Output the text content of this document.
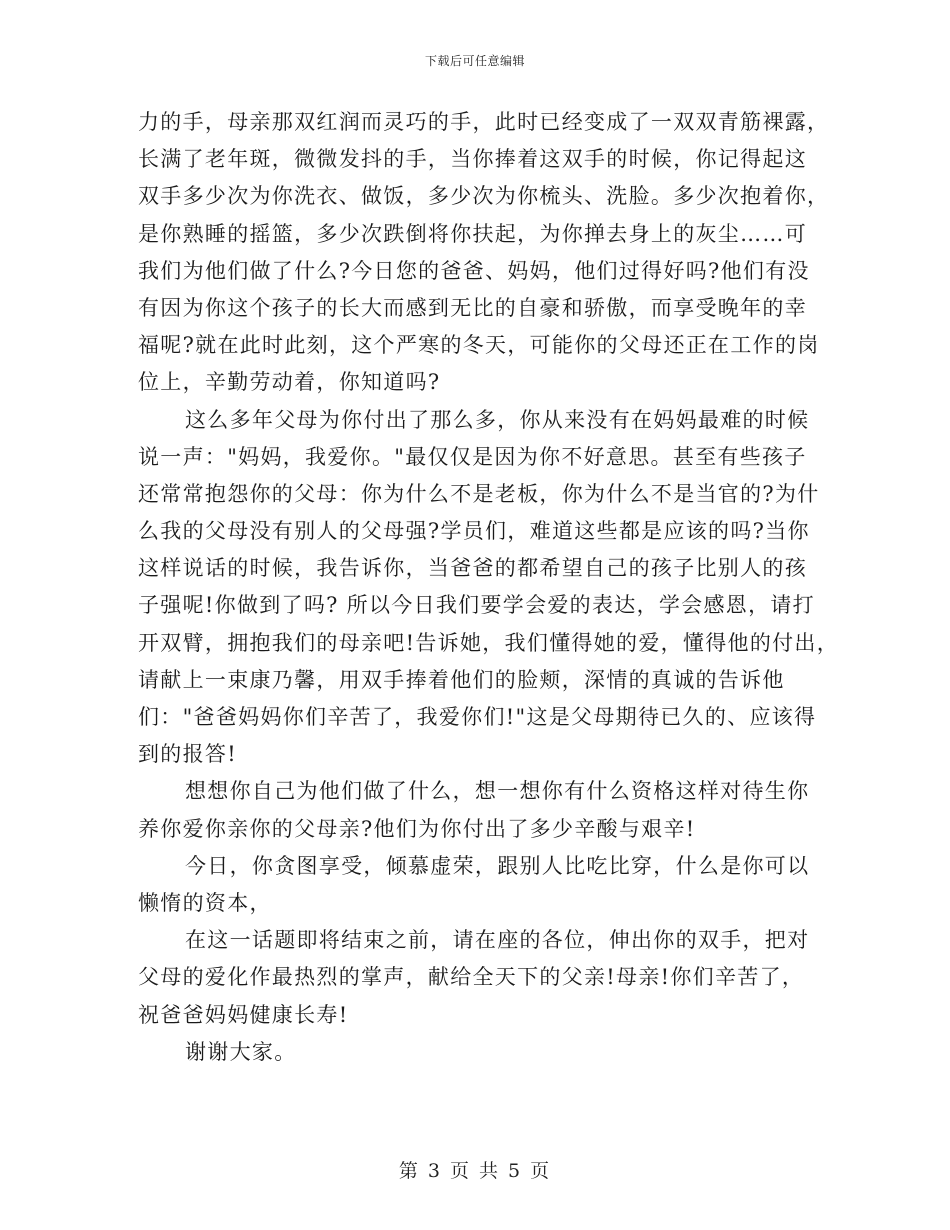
下载后可任意编辑
力的手，母亲那双红润而灵巧的手，此时已经变成了一双双青筋裸露，
长满了老年斑，微微发抖的手，当你捧着这双手的时候，你记得起这
双手多少次为你洗衣、做饭，多少次为你梳头、洗脸。多少次抱着你，
是你熟睡的摇篮，多少次跌倒将你扶起，为你掸去身上的灰尘……可
我们为他们做了什么?今日您的爸爸、妈妈，他们过得好吗?他们有没
有因为你这个孩子的长大而感到无比的自豪和骄傲，而享受晚年的幸
福呢?就在此时此刻，这个严寒的冬天，可能你的父母还正在工作的岗
位上，辛勤劳动着，你知道吗?
这么多年父母为你付出了那么多，你从来没有在妈妈最难的时候
说一声："妈妈，我爱你。"最仅仅是因为你不好意思。甚至有些孩子
还常常抱怨你的父母：你为什么不是老板，你为什么不是当官的?为什
么我的父母没有别人的父母强?学员们，难道这些都是应该的吗?当你
这样说话的时候，我告诉你，当爸爸的都希望自己的孩子比别人的孩
子强呢!你做到了吗? 所以今日我们要学会爱的表达，学会感恩，请打
开双臂，拥抱我们的母亲吧!告诉她，我们懂得她的爱，懂得他的付出，
请献上一束康乃馨，用双手捧着他们的脸颊，深情的真诚的告诉他
们："爸爸妈妈你们辛苦了，我爱你们!"这是父母期待已久的、应该得
到的报答!
想想你自己为他们做了什么，想一想你有什么资格这样对待生你
养你爱你亲你的父母亲?他们为你付出了多少辛酸与艰辛!
今日，你贪图享受，倾慕虚荣，跟别人比吃比穿，什么是你可以
懒惰的资本，
在这一话题即将结束之前，请在座的各位，伸出你的双手，把对
父母的爱化作最热烈的掌声，献给全天下的父亲!母亲!你们辛苦了，
祝爸爸妈妈健康长寿!
谢谢大家。
第 3 页 共 5 页
